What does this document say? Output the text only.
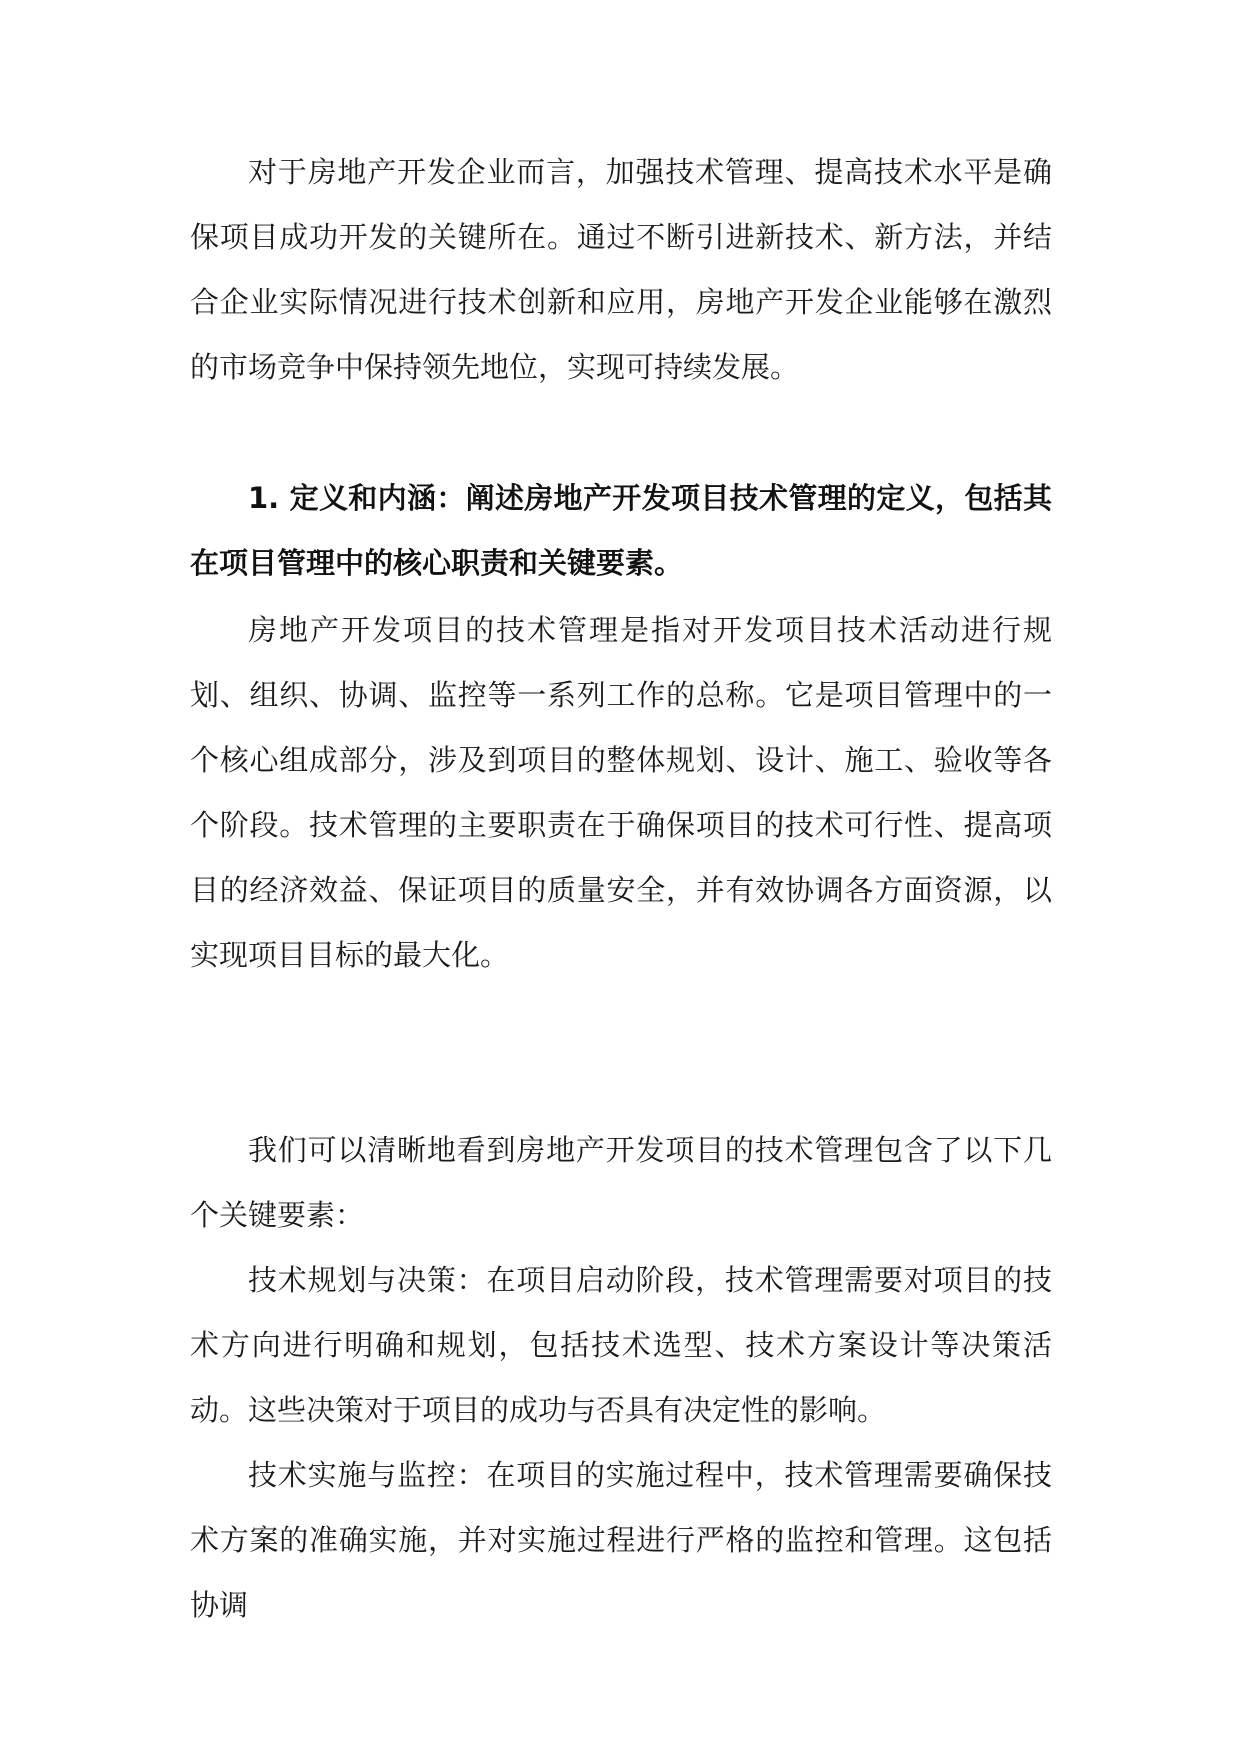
对于房地产开发企业而言，加强技术管理、提高技术水平是确保项目成功开发的关键所在。通过不断引进新技术、新方法，并结合企业实际情况进行技术创新和应用，房地产开发企业能够在激烈的市场竞争中保持领先地位，实现可持续发展。

1. 定义和内涵：阐述房地产开发项目技术管理的定义，包括其在项目管理中的核心职责和关键要素。

房地产开发项目的技术管理是指对开发项目技术活动进行规划、组织、协调、监控等一系列工作的总称。它是项目管理中的一个核心组成部分，涉及到项目的整体规划、设计、施工、验收等各个阶段。技术管理的主要职责在于确保项目的技术可行性、提高项目的经济效益、保证项目的质量安全，并有效协调各方面资源，以实现项目目标的最大化。

我们可以清晰地看到房地产开发项目的技术管理包含了以下几个关键要素：

技术规划与决策：在项目启动阶段，技术管理需要对项目的技术方向进行明确和规划，包括技术选型、技术方案设计等决策活动。这些决策对于项目的成功与否具有决定性的影响。

技术实施与监控：在项目的实施过程中，技术管理需要确保技术方案的准确实施，并对实施过程进行严格的监控和管理。这包括协调
